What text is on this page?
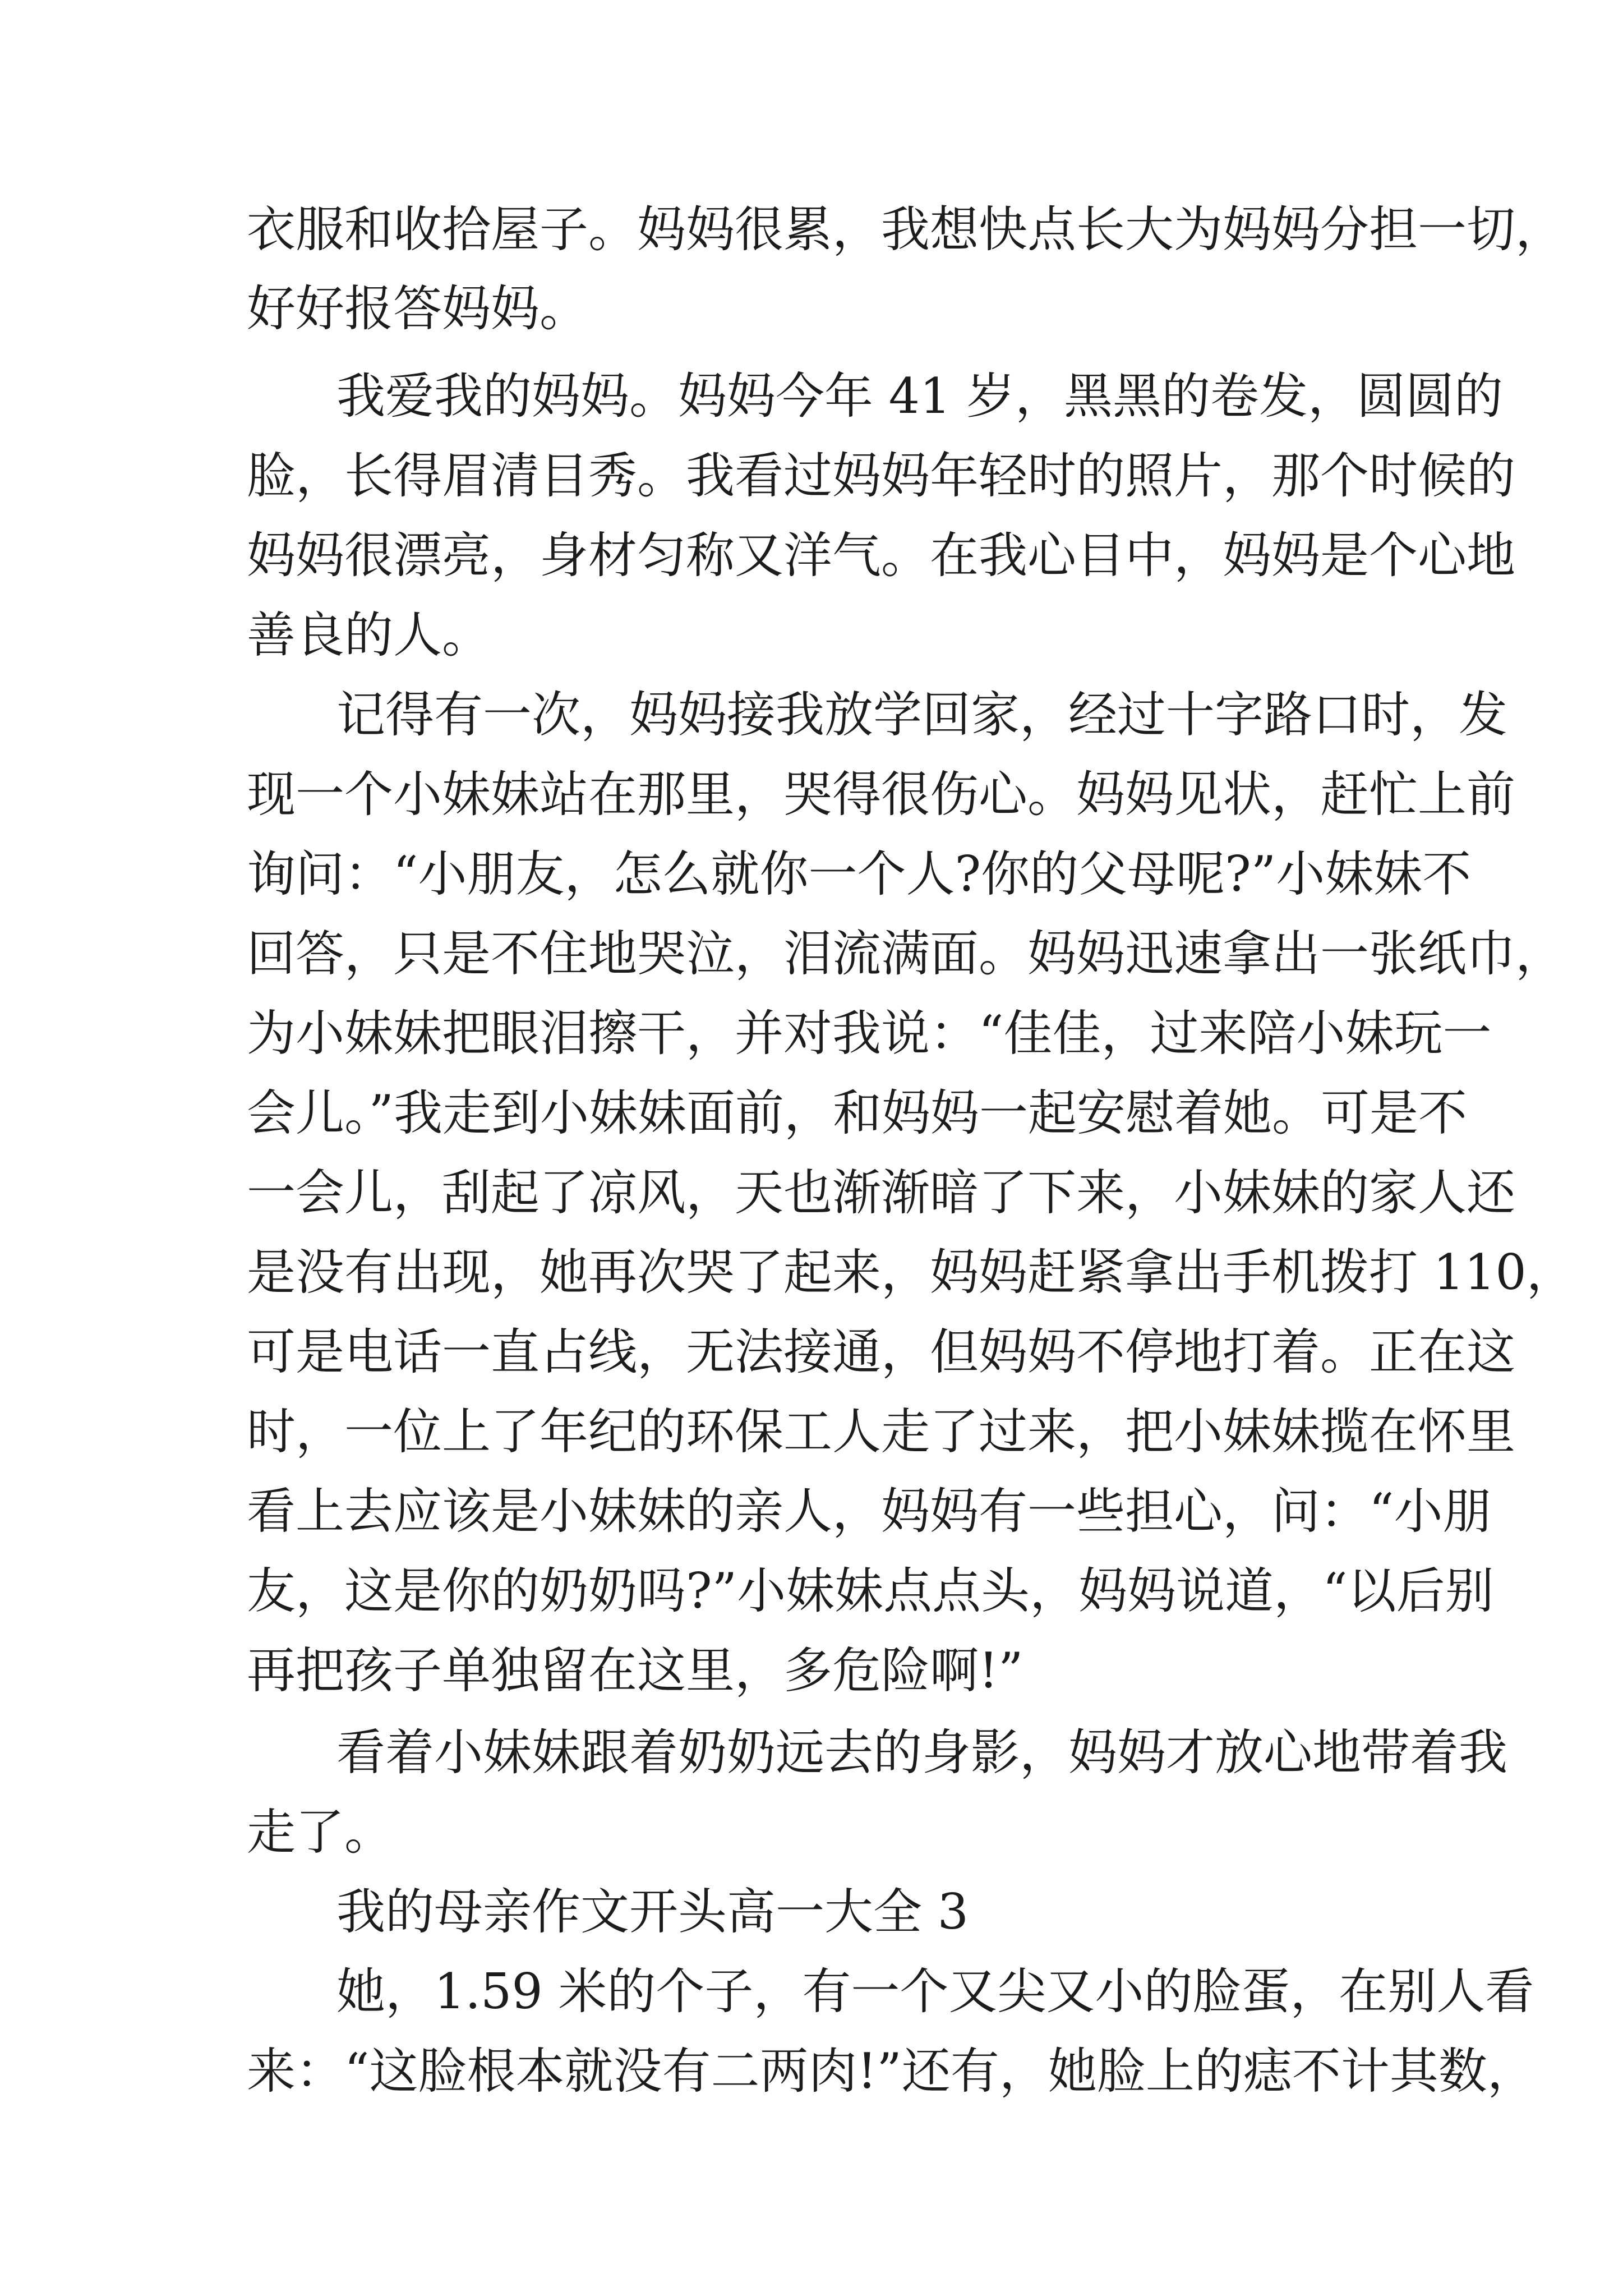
衣服和收拾屋子。妈妈很累，我想快点长大为妈妈分担一切，
好好报答妈妈。
我爱我的妈妈。妈妈今年 41 岁，黑黑的卷发，圆圆的
脸，长得眉清目秀。我看过妈妈年轻时的照片，那个时候的
妈妈很漂亮，身材匀称又洋气。在我心目中，妈妈是个心地
善良的人。
记得有一次，妈妈接我放学回家，经过十字路口时，发
现一个小妹妹站在那里，哭得很伤心。妈妈见状，赶忙上前
询问：“小朋友，怎么就你一个人?你的父母呢?”小妹妹不
回答，只是不住地哭泣，泪流满面。妈妈迅速拿出一张纸巾，
为小妹妹把眼泪擦干，并对我说：“佳佳，过来陪小妹玩一
会儿。”我走到小妹妹面前，和妈妈一起安慰着她。可是不
一会儿，刮起了凉风，天也渐渐暗了下来，小妹妹的家人还
是没有出现，她再次哭了起来，妈妈赶紧拿出手机拨打 110，
可是电话一直占线，无法接通，但妈妈不停地打着。正在这
时，一位上了年纪的环保工人走了过来，把小妹妹揽在怀里
看上去应该是小妹妹的亲人，妈妈有一些担心，问：“小朋
友，这是你的奶奶吗?”小妹妹点点头，妈妈说道，“以后别
再把孩子单独留在这里，多危险啊!”
看着小妹妹跟着奶奶远去的身影，妈妈才放心地带着我
走了。
我的母亲作文开头高一大全 3
她，1.59 米的个子，有一个又尖又小的脸蛋，在别人看
来：“这脸根本就没有二两肉!”还有，她脸上的痣不计其数，
